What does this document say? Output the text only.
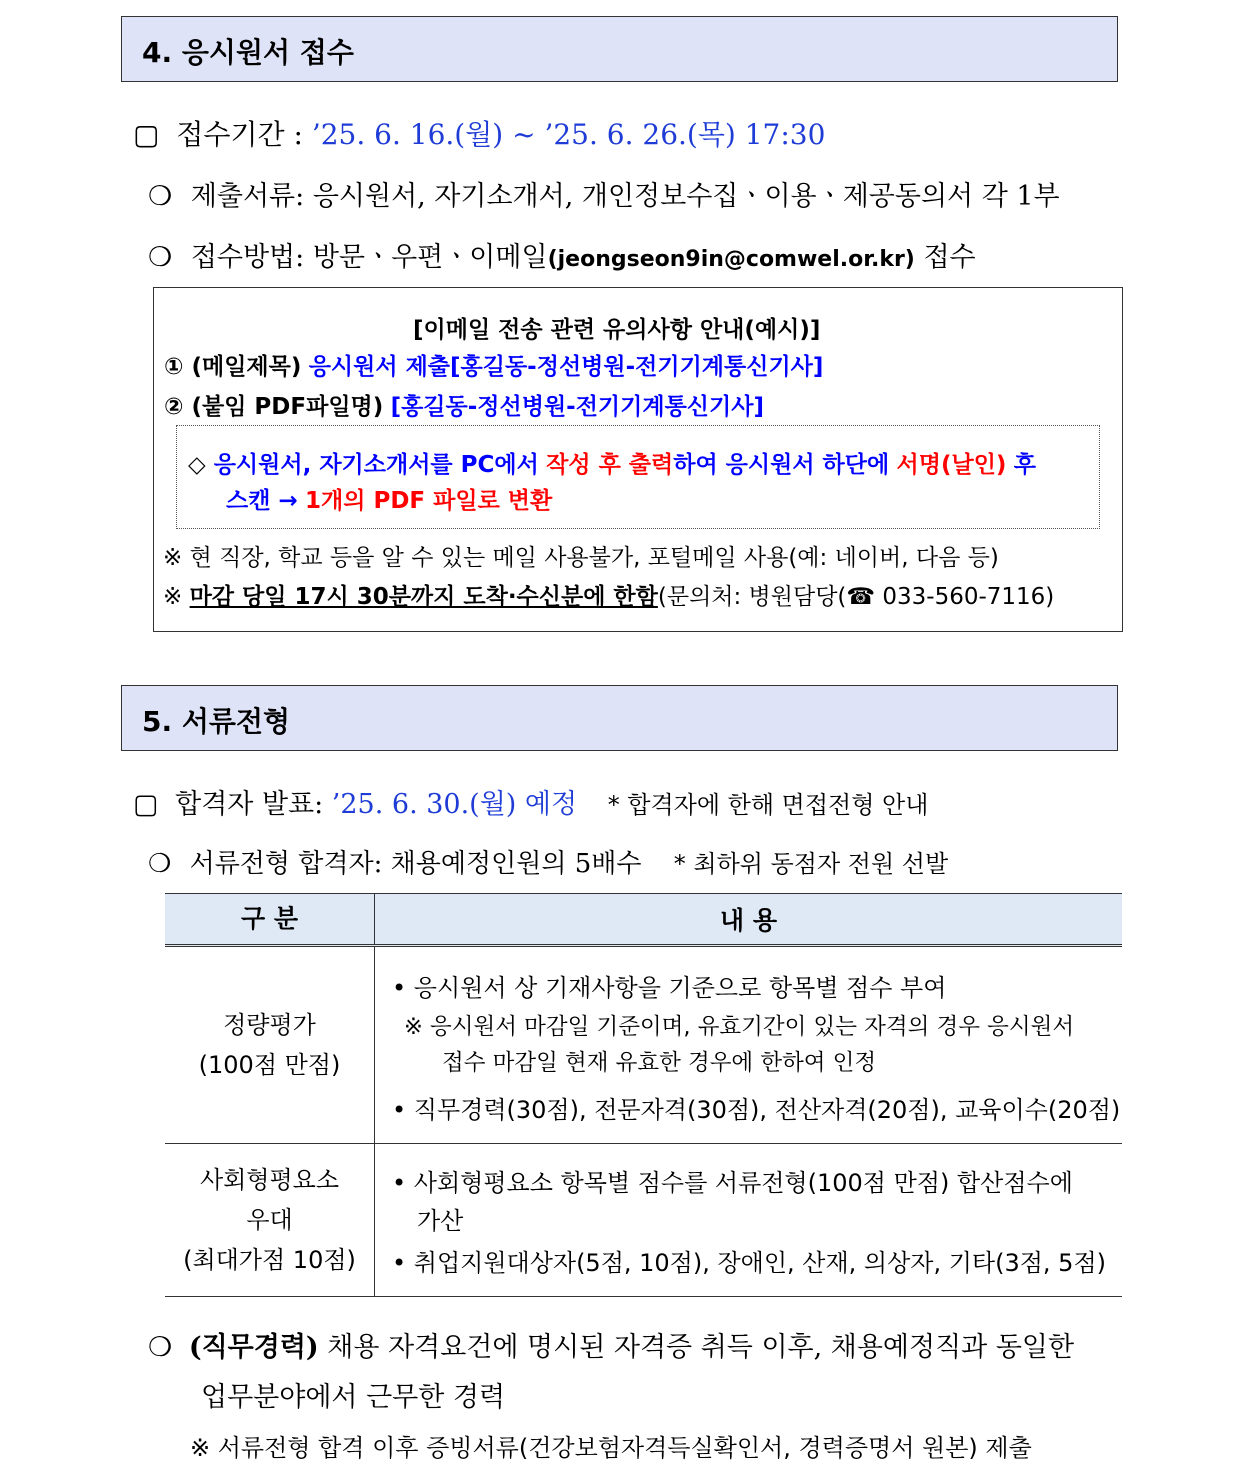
4. 응시원서 접수
▢ 접수기간 : ’25. 6. 16.(월) ~ ’25. 6. 26.(목) 17:30
❍ 제출서류: 응시원서, 자기소개서, 개인정보수집ㆍ이용ㆍ제공동의서 각 1부
❍ 접수방법: 방문ㆍ우편ㆍ이메일(jeongseon9in@comwel.or.kr) 접수
[이메일 전송 관련 유의사항 안내(예시)]
① (메일제목) 응시원서 제출[홍길동-정선병원-전기기계통신기사]
② (붙임 PDF파일명) [홍길동-정선병원-전기기계통신기사]
◇ 응시원서, 자기소개서를 PC에서 작성 후 출력하여 응시원서 하단에 서명(날인) 후
스캔 → 1개의 PDF 파일로 변환
※ 현 직장, 학교 등을 알 수 있는 메일 사용불가, 포털메일 사용(예: 네이버, 다음 등)
※ 마감 당일 17시 30분까지 도착·수신분에 한함(문의처: 병원담당(☎ 033-560-7116)
5. 서류전형
▢ 합격자 발표: ’25. 6. 30.(월) 예정 * 합격자에 한해 면접전형 안내
❍ 서류전형 합격자: 채용예정인원의 5배수 * 최하위 동점자 전원 선발
구 분	내 용

정량평가
(100점 만점)	• 응시원서 상 기재사항을 기준으로 항목별 점수 부여
※ 응시원서 마감일 기준이며, 유효기간이 있는 자격의 경우 응시원서
접수 마감일 현재 유효한 경우에 한하여 인정
• 직무경력(30점), 전문자격(30점), 전산자격(20점), 교육이수(20점)

사회형평요소
우대
(최대가점 10점)	• 사회형평요소 항목별 점수를 서류전형(100점 만점) 합산점수에
가산
• 취업지원대상자(5점, 10점), 장애인, 산재, 의상자, 기타(3점, 5점)
❍ (직무경력) 채용 자격요건에 명시된 자격증 취득 이후, 채용예정직과 동일한
업무분야에서 근무한 경력
※ 서류전형 합격 이후 증빙서류(건강보험자격득실확인서, 경력증명서 원본) 제출
